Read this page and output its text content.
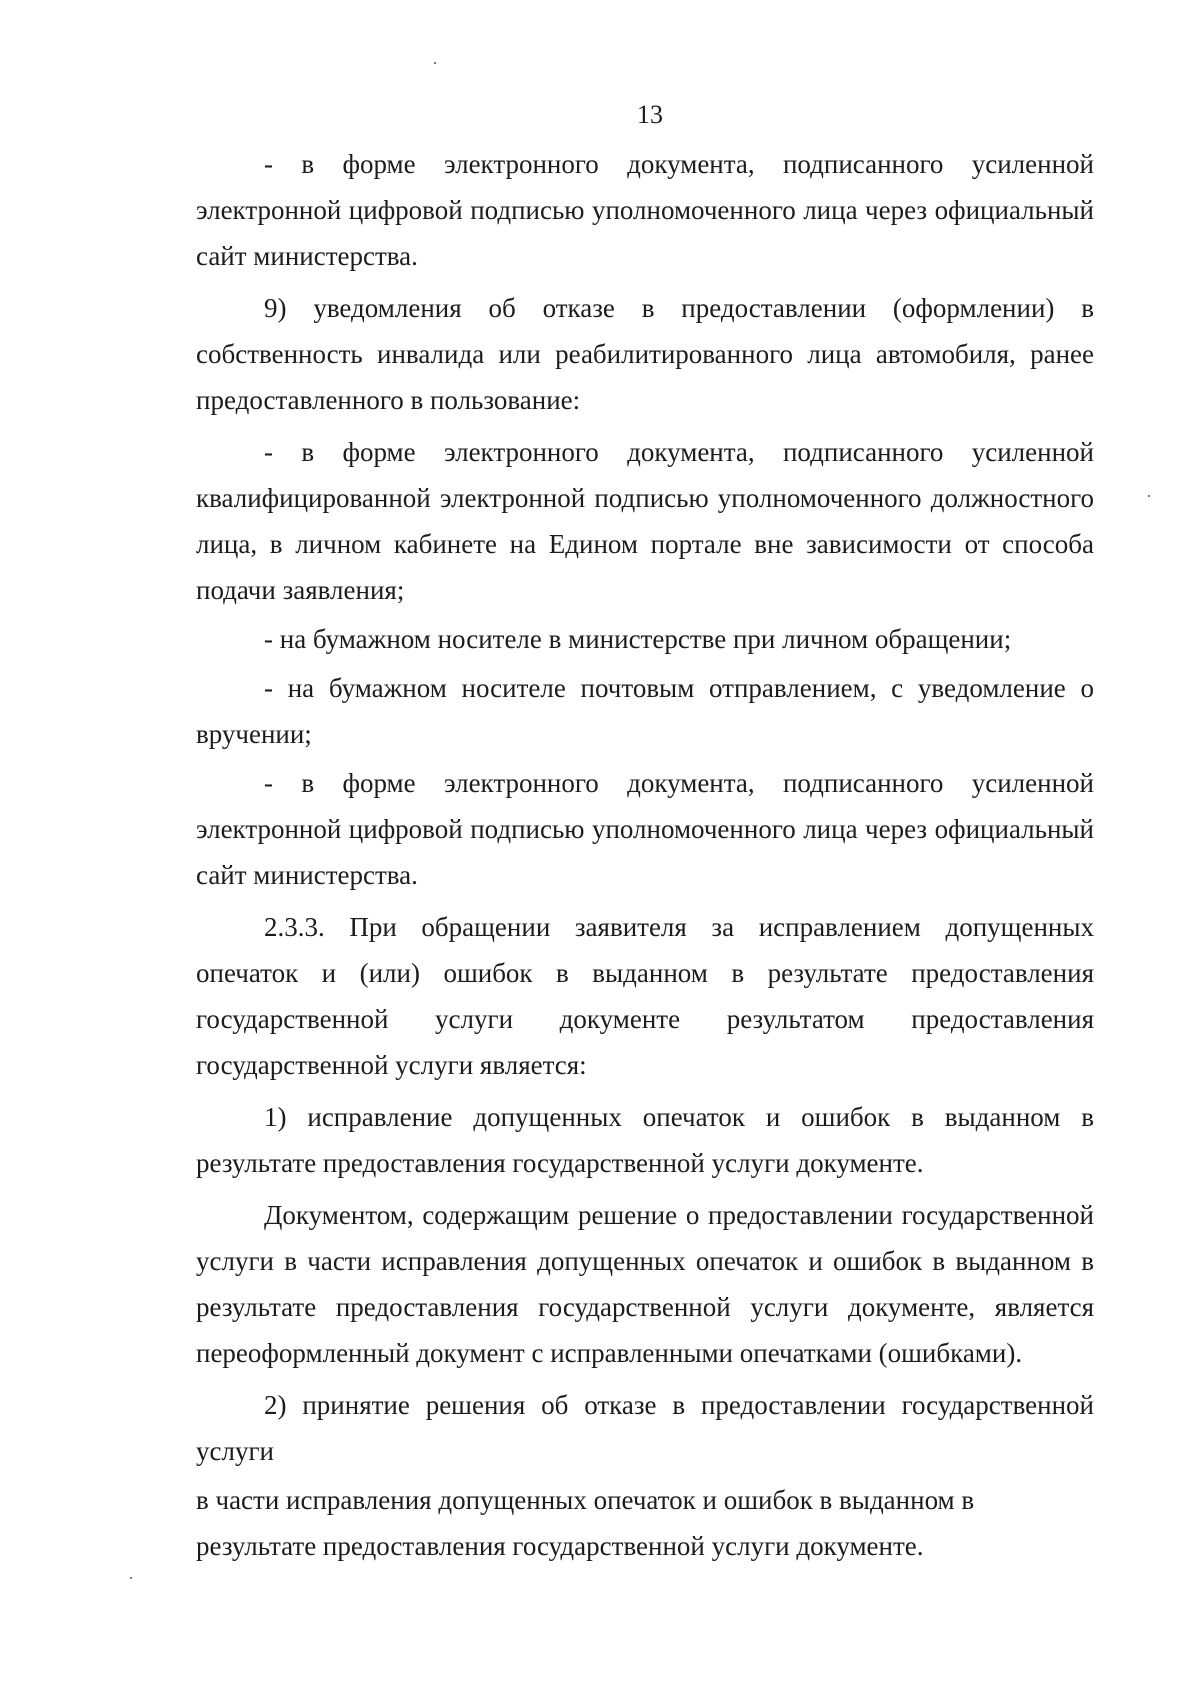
13

- в форме электронного документа, подписанного усиленной электронной цифровой подписью уполномоченного лица через официальный сайт министерства.

9) уведомления об отказе в предоставлении (оформлении) в собственность инвалида или реабилитированного лица автомобиля, ранее предоставленного в пользование:

- в форме электронного документа, подписанного усиленной квалифицированной электронной подписью уполномоченного должностного лица, в личном кабинете на Едином портале вне зависимости от способа подачи заявления;

- на бумажном носителе в министерстве при личном обращении;

- на бумажном носителе почтовым отправлением, с уведомление о вручении;

- в форме электронного документа, подписанного усиленной электронной цифровой подписью уполномоченного лица через официальный сайт министерства.

2.3.3. При обращении заявителя за исправлением допущенных опечаток и (или) ошибок в выданном в результате предоставления государственной услуги документе результатом предоставления государственной услуги является:

1) исправление допущенных опечаток и ошибок в выданном в результате предоставления государственной услуги документе.

Документом, содержащим решение о предоставлении государственной услуги в части исправления допущенных опечаток и ошибок в выданном в результате предоставления государственной услуги документе, является переоформленный документ с исправленными опечатками (ошибками).

2) принятие решения об отказе в предоставлении государственной услуги

в части исправления допущенных опечаток и ошибок в выданном в результате предоставления государственной услуги документе.
